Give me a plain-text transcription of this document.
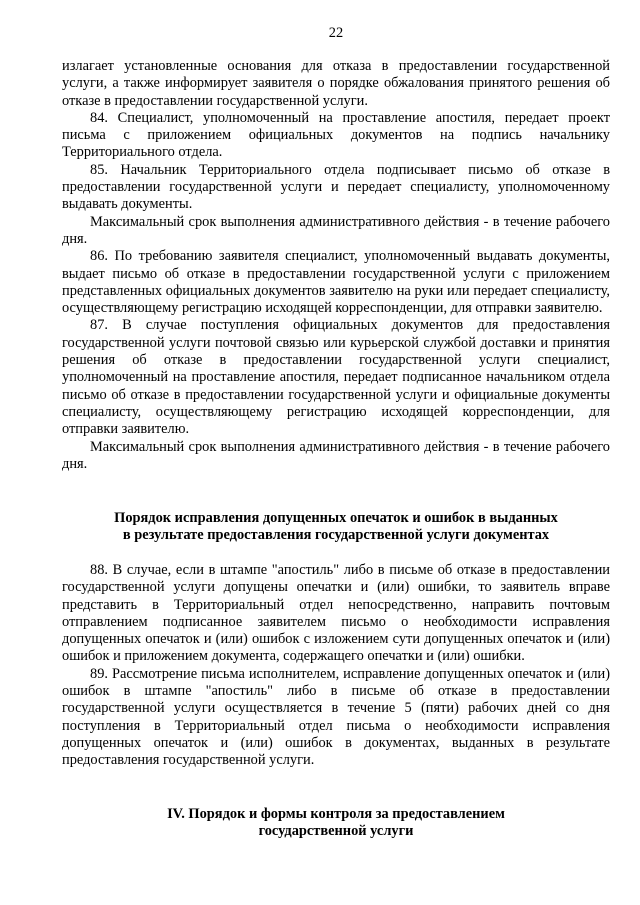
22

излагает установленные основания для отказа в предоставлении государственной услуги, а также информирует заявителя о порядке обжалования принятого решения об отказе в предоставлении государственной услуги.

84. Специалист, уполномоченный на проставление апостиля, передает проект письма с приложением официальных документов на подпись начальнику Территориального отдела.

85. Начальник Территориального отдела подписывает письмо об отказе в предоставлении государственной услуги и передает специалисту, уполномоченному выдавать документы.

Максимальный срок выполнения административного действия - в течение рабочего дня.

86. По требованию заявителя специалист, уполномоченный выдавать документы, выдает письмо об отказе в предоставлении государственной услуги с приложением представленных официальных документов заявителю на руки или передает специалисту, осуществляющему регистрацию исходящей корреспонденции, для отправки заявителю.

87. В случае поступления официальных документов для предоставления государственной услуги почтовой связью или курьерской службой доставки и принятия решения об отказе в предоставлении государственной услуги специалист, уполномоченный на проставление апостиля, передает подписанное начальником отдела письмо об отказе в предоставлении государственной услуги и официальные документы специалисту, осуществляющему регистрацию исходящей корреспонденции, для отправки заявителю.

Максимальный срок выполнения административного действия - в течение рабочего дня.

Порядок исправления допущенных опечаток и ошибок в выданных
в результате предоставления государственной услуги документах

88. В случае, если в штампе "апостиль" либо в письме об отказе в предоставлении государственной услуги допущены опечатки и (или) ошибки, то заявитель вправе представить в Территориальный отдел непосредственно, направить почтовым отправлением подписанное заявителем письмо о необходимости исправления допущенных опечаток и (или) ошибок с изложением сути допущенных опечаток и (или) ошибок и приложением документа, содержащего опечатки и (или) ошибки.

89. Рассмотрение письма исполнителем, исправление допущенных опечаток и (или) ошибок в штампе "апостиль" либо в письме об отказе в предоставлении государственной услуги осуществляется в течение 5 (пяти) рабочих дней со дня поступления в Территориальный отдел письма о необходимости исправления допущенных опечаток и (или) ошибок в документах, выданных в результате предоставления государственной услуги.

IV. Порядок и формы контроля за предоставлением
государственной услуги
